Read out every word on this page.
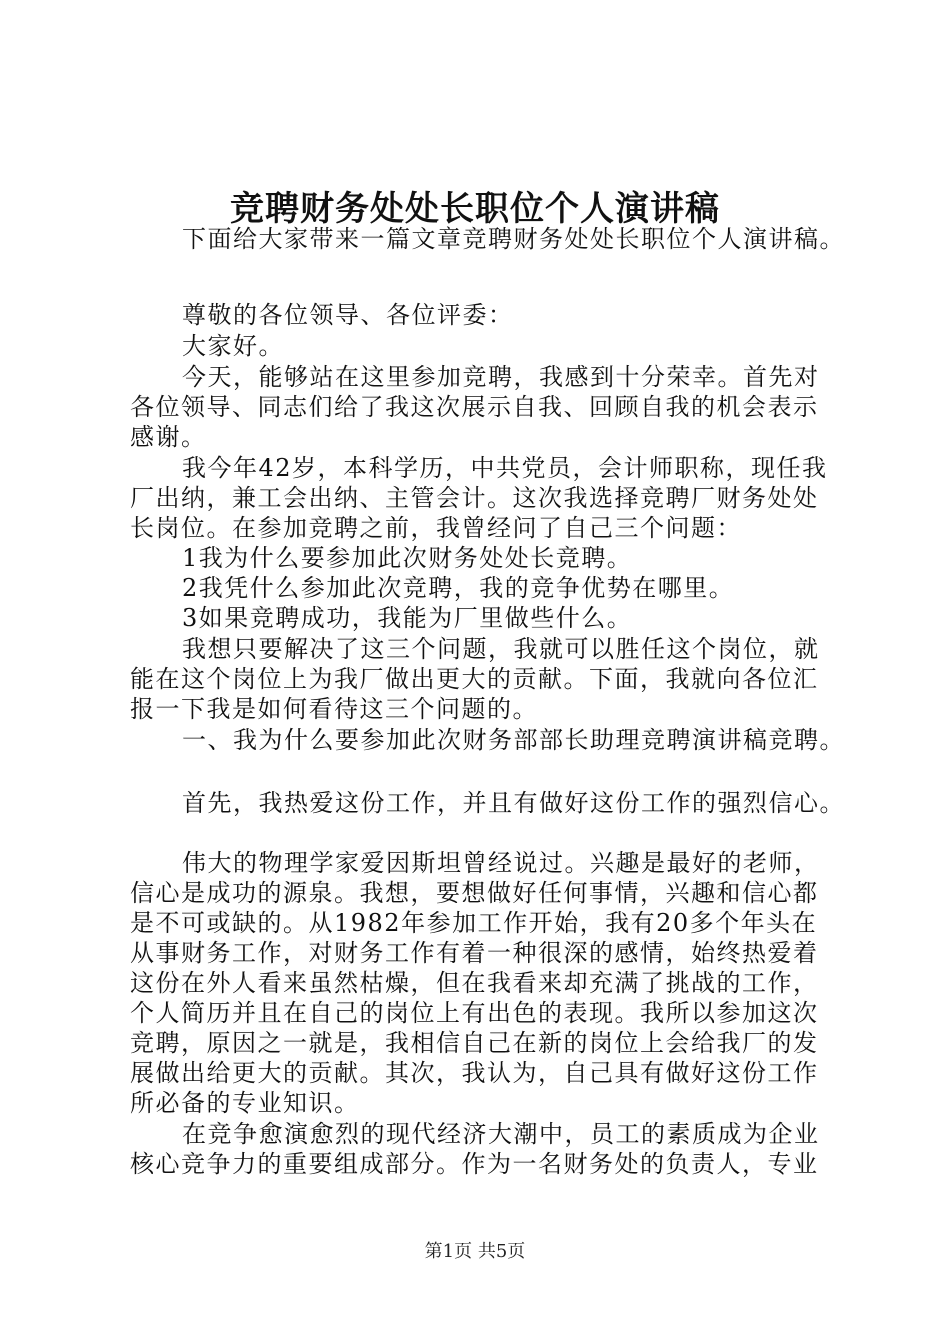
竞聘财务处处长职位个人演讲稿
下面给大家带来一篇文章竞聘财务处处长职位个人演讲稿。
尊敬的各位领导、各位评委：
大家好。
今天，能够站在这里参加竞聘，我感到十分荣幸。首先对
各位领导、同志们给了我这次展示自我、回顾自我的机会表示
感谢。
我今年42岁，本科学历，中共党员，会计师职称，现任我
厂出纳，兼工会出纳、主管会计。这次我选择竞聘厂财务处处
长岗位。在参加竞聘之前，我曾经问了自己三个问题：
1我为什么要参加此次财务处处长竞聘。
2我凭什么参加此次竞聘，我的竞争优势在哪里。
3如果竞聘成功，我能为厂里做些什么。
我想只要解决了这三个问题，我就可以胜任这个岗位，就
能在这个岗位上为我厂做出更大的贡献。下面，我就向各位汇
报一下我是如何看待这三个问题的。
一、我为什么要参加此次财务部部长助理竞聘演讲稿竞聘。
首先，我热爱这份工作，并且有做好这份工作的强烈信心。
伟大的物理学家爱因斯坦曾经说过。兴趣是最好的老师，
信心是成功的源泉。我想，要想做好任何事情，兴趣和信心都
是不可或缺的。从1982年参加工作开始，我有20多个年头在
从事财务工作，对财务工作有着一种很深的感情，始终热爱着
这份在外人看来虽然枯燥，但在我看来却充满了挑战的工作，
个人简历并且在自己的岗位上有出色的表现。我所以参加这次
竞聘，原因之一就是，我相信自己在新的岗位上会给我厂的发
展做出给更大的贡献。其次，我认为，自己具有做好这份工作
所必备的专业知识。
在竞争愈演愈烈的现代经济大潮中，员工的素质成为企业
核心竞争力的重要组成部分。作为一名财务处的负责人，专业
第1页 共5页
